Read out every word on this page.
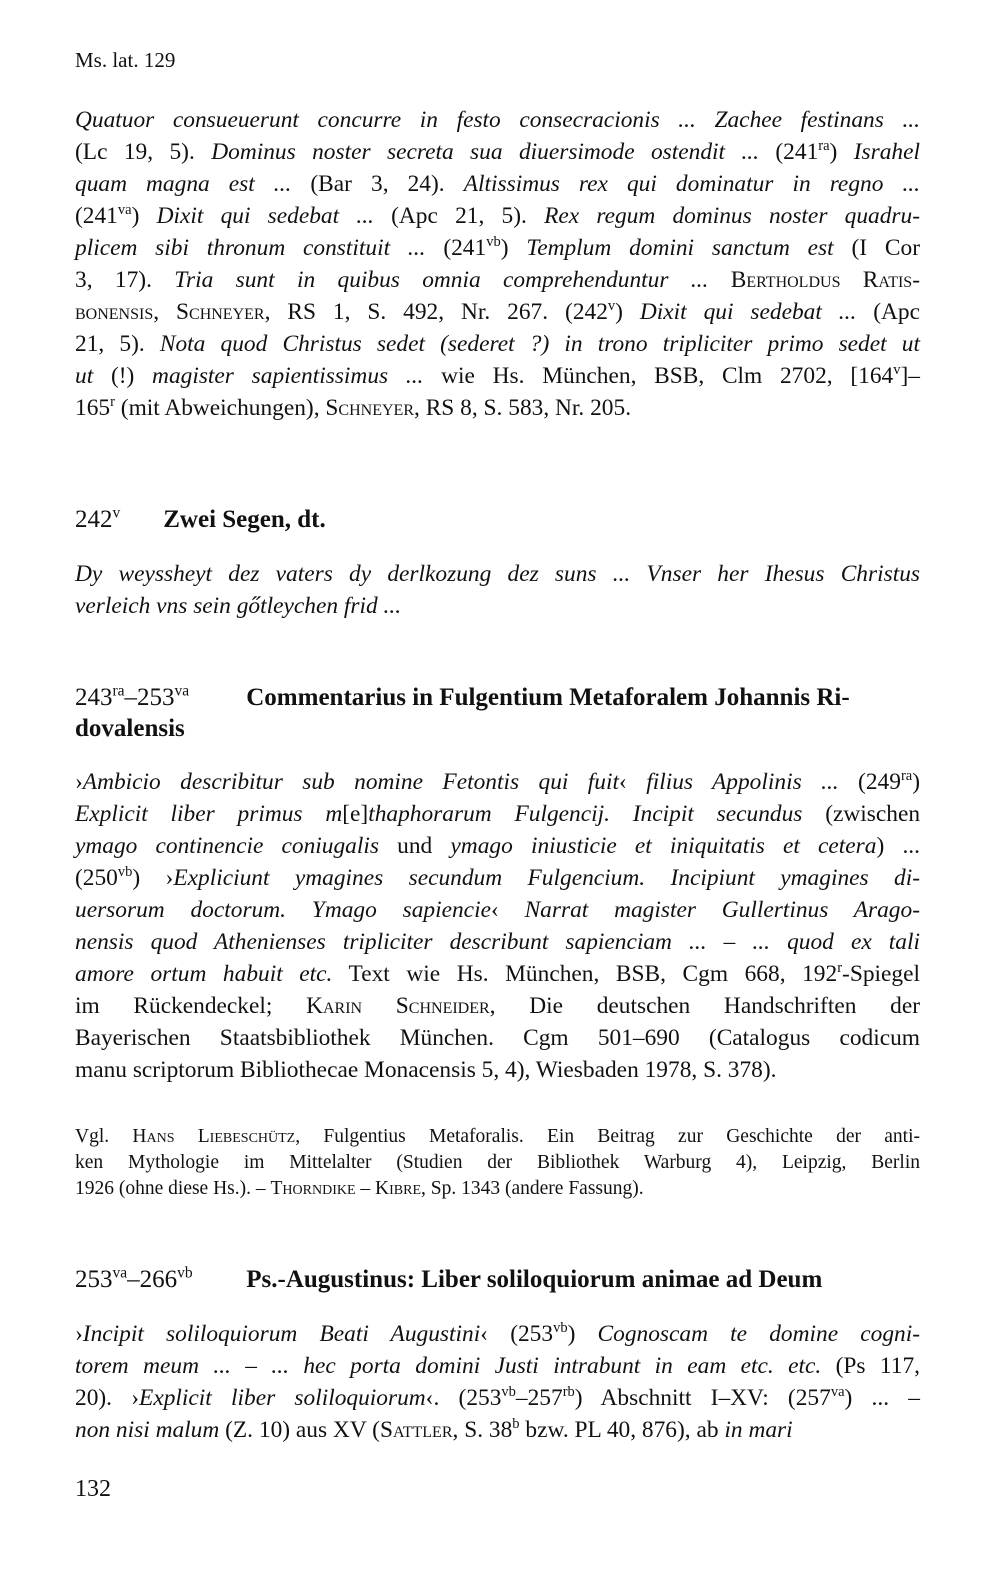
Ms. lat. 129
Quatuor consueuerunt concurre in festo consecracionis ... Zachee festinans ...
(Lc 19, 5). Dominus noster secreta sua diuersimode ostendit ... $(241^{ra})$ Israhel
quam magna est ... (Bar 3, 24). Altissimus rex qui dominatur in regno ...
$(241^{va})$ Dixit qui sedebat ... (Apc 21, 5). Rex regum dominus noster quadru-
plicem sibi thronum constituit ... $(241^{vb})$ Templum domini sanctum est (I Cor
3, 17). Tria sunt in quibus omnia comprehenduntur ... Bertholdus Ratis-
bonensis, Schneyer, RS 1, S. 492, Nr. 267. (242$^v$) Dixit qui sedebat ... (Apc
21, 5). Nota quod Christus sedet (sederet ?) in trono tripliciter primo sedet ut
ut (!) magister sapientissimus ... wie Hs. München, BSB, Clm 2702, [164$^v$]–
165$^r$ (mit Abweichungen), Schneyer, RS 8, S. 583, Nr. 205.
242$^v$ Zwei Segen, dt.
Dy weyssheyt dez vaters dy derlkozung dez suns ... Vnser her Ihesus Christus
verleich vns sein gőtleychen frid ...
$243^{ra}-253^{va}$ Commentarius in Fulgentium Metaforalem Johannis Ri-
dovalensis
›Ambicio describitur sub nomine Fetontis qui fuit‹ filius Appolinis ... $(249^{ra})$
Explicit liber primus m[e]thaphorarum Fulgencij. Incipit secundus (zwischen
ymago continencie coniugalis und ymago iniusticie et iniquitatis et cetera) ...
$(250^{vb})$ ›Expliciunt ymagines secundum Fulgencium. Incipiunt ymagines di-
uersorum doctorum. Ymago sapiencie‹ Narrat magister Gullertinus Arago-
nensis quod Athenienses tripliciter describunt sapienciam ... – ... quod ex tali
amore ortum habuit etc. Text wie Hs. München, BSB, Cgm 668, 192$^r$-Spiegel
im Rückendeckel; Karin Schneider, Die deutschen Handschriften der
Bayerischen Staatsbibliothek München. Cgm 501–690 (Catalogus codicum
manu scriptorum Bibliothecae Monacensis 5, 4), Wiesbaden 1978, S. 378).
Vgl. Hans Liebeschütz, Fulgentius Metaforalis. Ein Beitrag zur Geschichte der anti-
ken Mythologie im Mittelalter (Studien der Bibliothek Warburg 4), Leipzig, Berlin
1926 (ohne diese Hs.). – Thorndike – Kibre, Sp. 1343 (andere Fassung).
$253^{va}-266^{vb}$ Ps.-Augustinus: Liber soliloquiorum animae ad Deum
›Incipit soliloquiorum Beati Augustini‹ $(253^{vb})$ Cognoscam te domine cogni-
torem meum ... – ... hec porta domini Justi intrabunt in eam etc. etc. (Ps 117,
20). ›Explicit liber soliloquiorum‹. $(253^{vb}-257^{rb})$ Abschnitt I–XV: $(257^{va})$ ... –
non nisi malum (Z. 10) aus XV (Sattler, S. 38$^b$ bzw. PL 40, 876), ab in mari
132
